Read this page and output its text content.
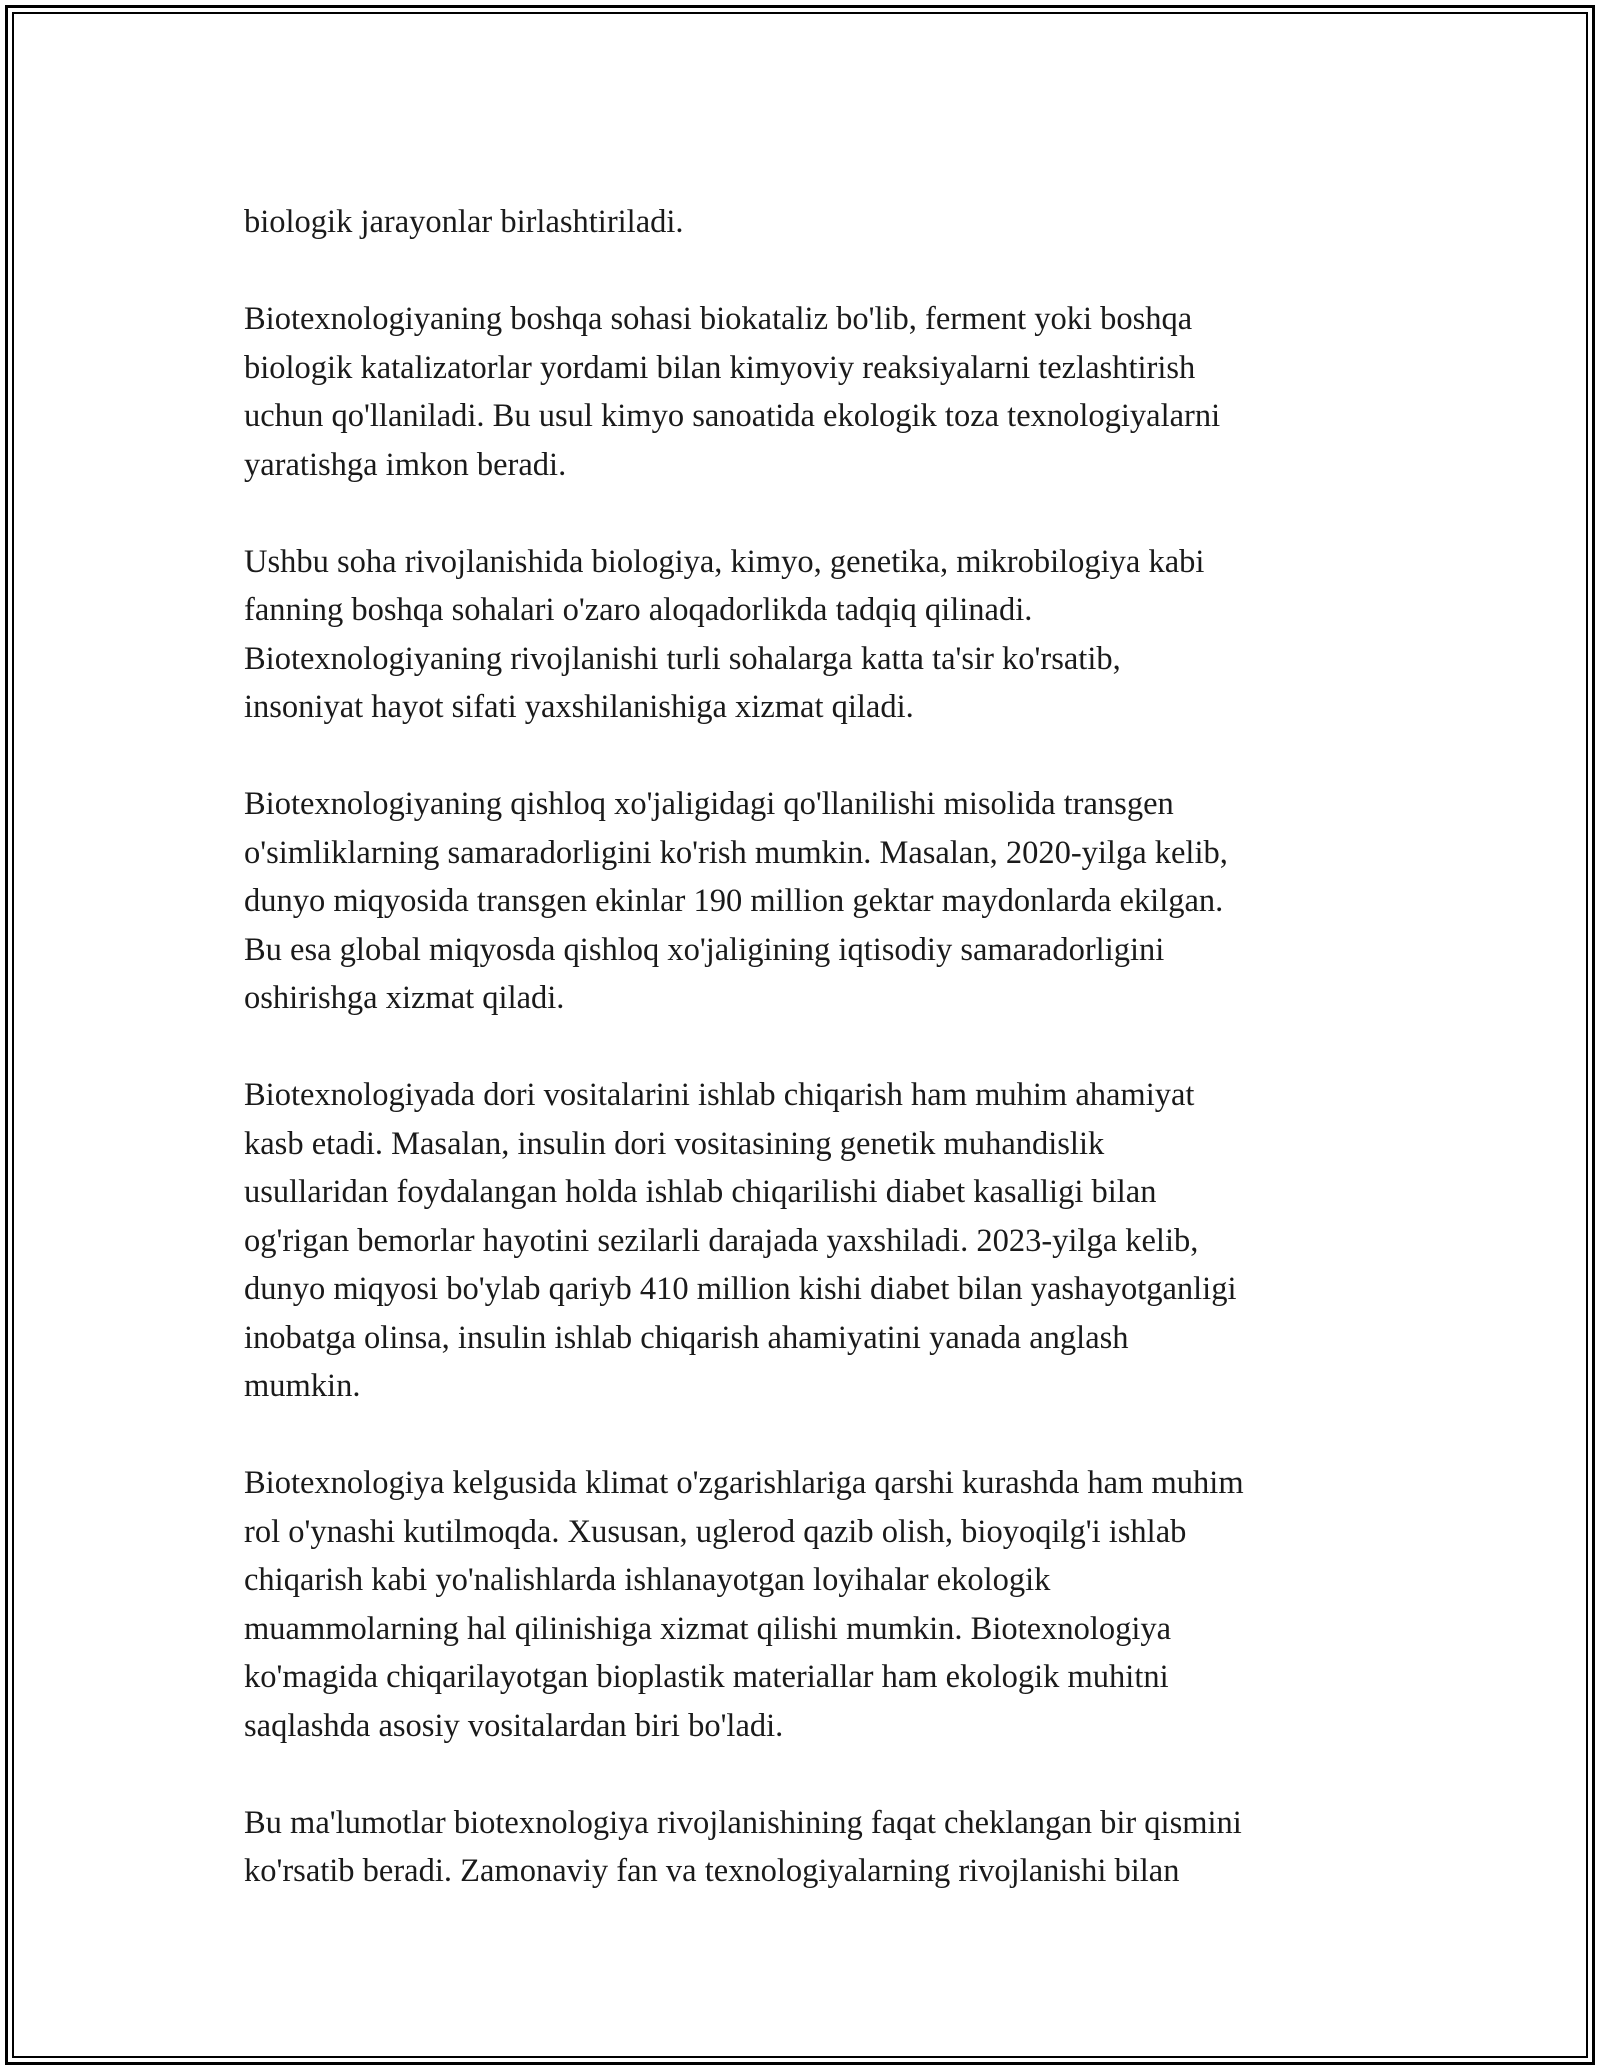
biologik jarayonlar birlashtiriladi.

Biotexnologiyaning boshqa sohasi biokataliz bo'lib, ferment yoki boshqa
biologik katalizatorlar yordami bilan kimyoviy reaksiyalarni tezlashtirish
uchun qo'llaniladi. Bu usul kimyo sanoatida ekologik toza texnologiyalarni
yaratishga imkon beradi.

Ushbu soha rivojlanishida biologiya, kimyo, genetika, mikrobilogiya kabi
fanning boshqa sohalari o'zaro aloqadorlikda tadqiq qilinadi.
Biotexnologiyaning rivojlanishi turli sohalarga katta ta'sir ko'rsatib,
insoniyat hayot sifati yaxshilanishiga xizmat qiladi.

Biotexnologiyaning qishloq xo'jaligidagi qo'llanilishi misolida transgen
o'simliklarning samaradorligini ko'rish mumkin. Masalan, 2020-yilga kelib,
dunyo miqyosida transgen ekinlar 190 million gektar maydonlarda ekilgan.
Bu esa global miqyosda qishloq xo'jaligining iqtisodiy samaradorligini
oshirishga xizmat qiladi.

Biotexnologiyada dori vositalarini ishlab chiqarish ham muhim ahamiyat
kasb etadi. Masalan, insulin dori vositasining genetik muhandislik
usullaridan foydalangan holda ishlab chiqarilishi diabet kasalligi bilan
og'rigan bemorlar hayotini sezilarli darajada yaxshiladi. 2023-yilga kelib,
dunyo miqyosi bo'ylab qariyb 410 million kishi diabet bilan yashayotganligi
inobatga olinsa, insulin ishlab chiqarish ahamiyatini yanada anglash
mumkin.

Biotexnologiya kelgusida klimat o'zgarishlariga qarshi kurashda ham muhim
rol o'ynashi kutilmoqda. Xususan, uglerod qazib olish, bioyoqilg'i ishlab
chiqarish kabi yo'nalishlarda ishlanayotgan loyihalar ekologik
muammolarning hal qilinishiga xizmat qilishi mumkin. Biotexnologiya
ko'magida chiqarilayotgan bioplastik materiallar ham ekologik muhitni
saqlashda asosiy vositalardan biri bo'ladi.

Bu ma'lumotlar biotexnologiya rivojlanishining faqat cheklangan bir qismini
ko'rsatib beradi. Zamonaviy fan va texnologiyalarning rivojlanishi bilan
